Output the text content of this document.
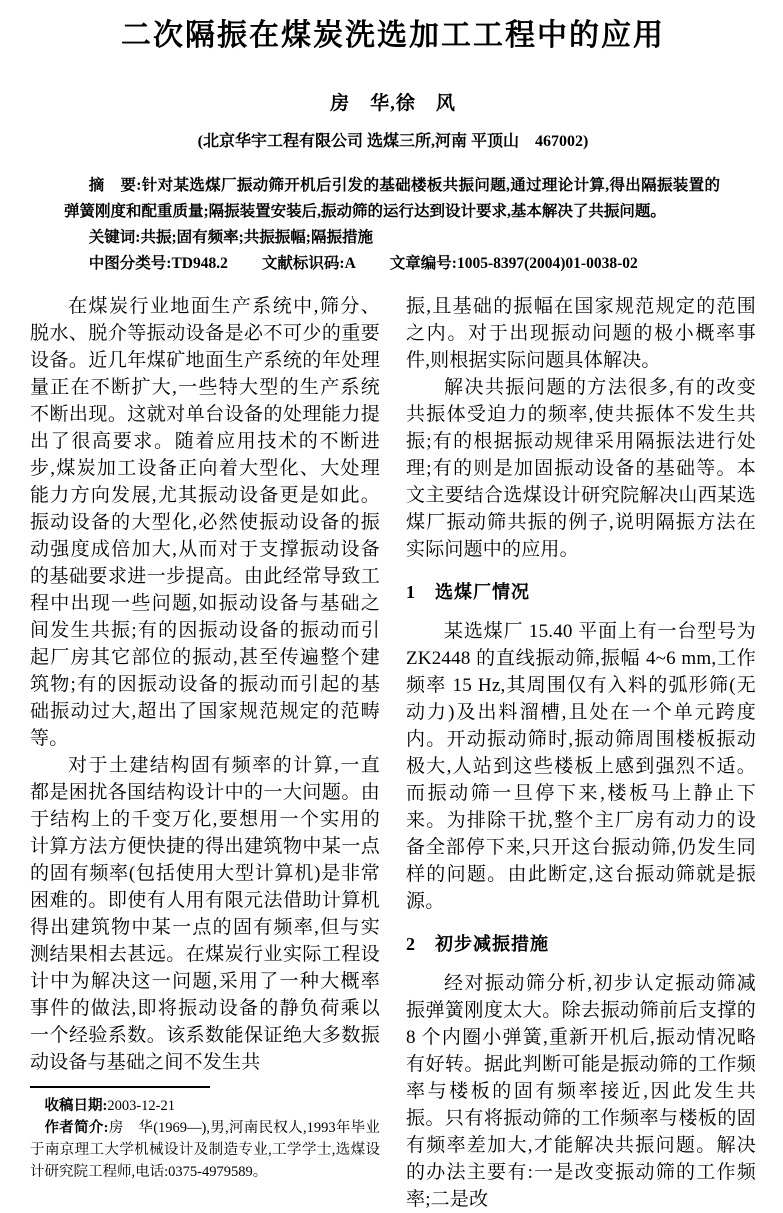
二次隔振在煤炭洗选加工工程中的应用
房　华,徐　风
(北京华宇工程有限公司 选煤三所,河南 平顶山　467002)

摘　要:针对某选煤厂振动筛开机后引发的基础楼板共振问题,通过理论计算,得出隔振装置的弹簧刚度和配重质量;隔振装置安装后,振动筛的运行达到设计要求,基本解决了共振问题。

关键词:共振;固有频率;共振振幅;隔振措施

中图分类号:TD948.2 文献标识码:A 文章编号:1005-8397(2004)01-0038-02

在煤炭行业地面生产系统中,筛分、脱水、脱介等振动设备是必不可少的重要设备。近几年煤矿地面生产系统的年处理量正在不断扩大,一些特大型的生产系统不断出现。这就对单台设备的处理能力提出了很高要求。随着应用技术的不断进步,煤炭加工设备正向着大型化、大处理能力方向发展,尤其振动设备更是如此。振动设备的大型化,必然使振动设备的振动强度成倍加大,从而对于支撑振动设备的基础要求进一步提高。由此经常导致工程中出现一些问题,如振动设备与基础之间发生共振;有的因振动设备的振动而引起厂房其它部位的振动,甚至传遍整个建筑物;有的因振动设备的振动而引起的基础振动过大,超出了国家规范规定的范畴等。

对于土建结构固有频率的计算,一直都是困扰各国结构设计中的一大问题。由于结构上的千变万化,要想用一个实用的计算方法方便快捷的得出建筑物中某一点的固有频率(包括使用大型计算机)是非常困难的。即使有人用有限元法借助计算机得出建筑物中某一点的固有频率,但与实测结果相去甚远。在煤炭行业实际工程设计中为解决这一问题,采用了一种大概率事件的做法,即将振动设备的静负荷乘以一个经验系数。该系数能保证绝大多数振动设备与基础之间不发生共

收稿日期:2003-12-21

作者简介:房　华(1969—),男,河南民权人,1993年毕业于南京理工大学机械设计及制造专业,工学学士,选煤设计研究院工程师,电话:0375-4979589。

振,且基础的振幅在国家规范规定的范围之内。对于出现振动问题的极小概率事件,则根据实际问题具体解决。

解决共振问题的方法很多,有的改变共振体受迫力的频率,使共振体不发生共振;有的根据振动规律采用隔振法进行处理;有的则是加固振动设备的基础等。本文主要结合选煤设计研究院解决山西某选煤厂振动筛共振的例子,说明隔振方法在实际问题中的应用。

1　选煤厂情况

某选煤厂 15.40 平面上有一台型号为 ZK2448 的直线振动筛,振幅 4~6 mm,工作频率 15 Hz,其周围仅有入料的弧形筛(无动力)及出料溜槽,且处在一个单元跨度内。开动振动筛时,振动筛周围楼板振动极大,人站到这些楼板上感到强烈不适。而振动筛一旦停下来,楼板马上静止下来。为排除干扰,整个主厂房有动力的设备全部停下来,只开这台振动筛,仍发生同样的问题。由此断定,这台振动筛就是振源。

2　初步减振措施

经对振动筛分析,初步认定振动筛减振弹簧刚度太大。除去振动筛前后支撑的 8 个内圈小弹簧,重新开机后,振动情况略有好转。据此判断可能是振动筛的工作频率与楼板的固有频率接近,因此发生共振。只有将振动筛的工作频率与楼板的固有频率差加大,才能解决共振问题。解决的办法主要有:一是改变振动筛的工作频率;二是改
